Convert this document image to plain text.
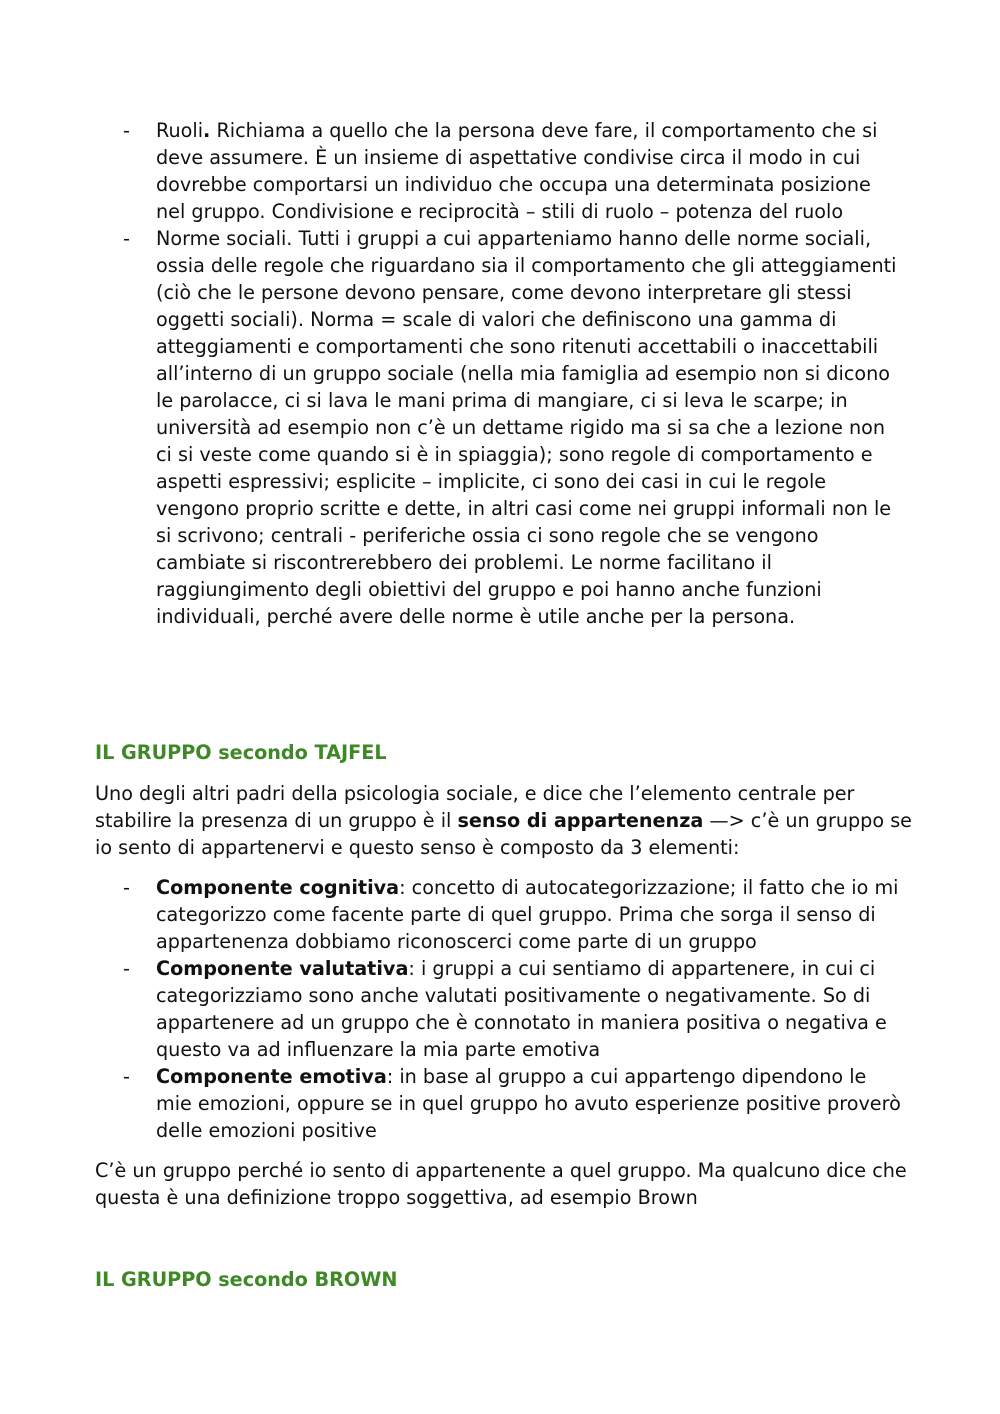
- Ruoli. Richiama a quello che la persona deve fare, il comportamento che si deve assumere. È un insieme di aspettative condivise circa il modo in cui dovrebbe comportarsi un individuo che occupa una determinata posizione nel gruppo. Condivisione e reciprocità – stili di ruolo – potenza del ruolo
- Norme sociali. Tutti i gruppi a cui apparteniamo hanno delle norme sociali, ossia delle regole che riguardano sia il comportamento che gli atteggiamenti (ciò che le persone devono pensare, come devono interpretare gli stessi oggetti sociali). Norma = scale di valori che definiscono una gamma di atteggiamenti e comportamenti che sono ritenuti accettabili o inaccettabili all’interno di un gruppo sociale (nella mia famiglia ad esempio non si dicono le parolacce, ci si lava le mani prima di mangiare, ci si leva le scarpe; in università ad esempio non c’è un dettame rigido ma si sa che a lezione non ci si veste come quando si è in spiaggia); sono regole di comportamento e aspetti espressivi; esplicite – implicite, ci sono dei casi in cui le regole vengono proprio scritte e dette, in altri casi come nei gruppi informali non le si scrivono; centrali - periferiche ossia ci sono regole che se vengono cambiate si riscontrerebbero dei problemi. Le norme facilitano il raggiungimento degli obiettivi del gruppo e poi hanno anche funzioni individuali, perché avere delle norme è utile anche per la persona.
IL GRUPPO secondo TAJFEL

Uno degli altri padri della psicologia sociale, e dice che l’elemento centrale per stabilire la presenza di un gruppo è il senso di appartenenza —> c’è un gruppo se io sento di appartenervi e questo senso è composto da 3 elementi:

- Componente cognitiva: concetto di autocategorizzazione; il fatto che io mi categorizzo come facente parte di quel gruppo. Prima che sorga il senso di appartenenza dobbiamo riconoscerci come parte di un gruppo
- Componente valutativa: i gruppi a cui sentiamo di appartenere, in cui ci categorizziamo sono anche valutati positivamente o negativamente. So di appartenere ad un gruppo che è connotato in maniera positiva o negativa e questo va ad influenzare la mia parte emotiva
- Componente emotiva: in base al gruppo a cui appartengo dipendono le mie emozioni, oppure se in quel gruppo ho avuto esperienze positive proverò delle emozioni positive

C’è un gruppo perché io sento di appartenente a quel gruppo. Ma qualcuno dice che questa è una definizione troppo soggettiva, ad esempio Brown

IL GRUPPO secondo BROWN
